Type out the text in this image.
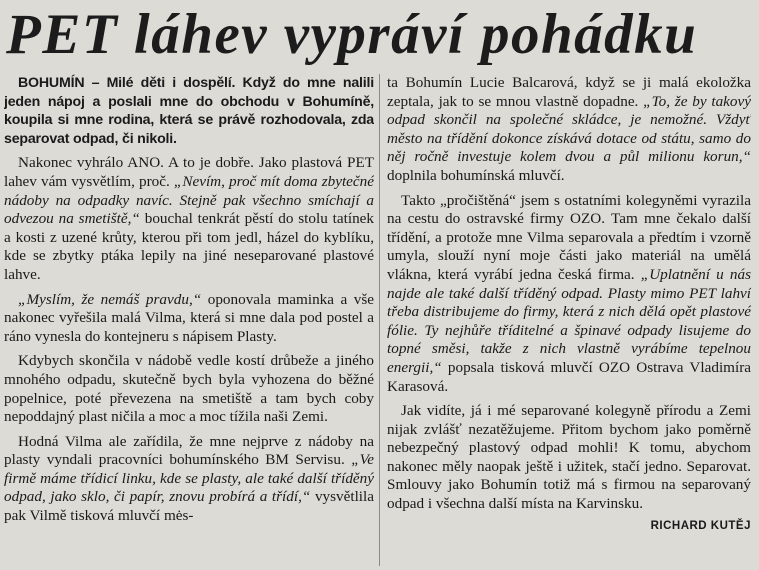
PET láhev vypráví pohádku

BOHUMÍN – Milé děti i dospělí. Když do mne nalili jeden nápoj a poslali mne do obchodu v Bohumíně, koupila si mne rodina, která se právě rozhodovala, zda separovat odpad, či nikoli.

Nakonec vyhrálo ANO. A to je dobře. Jako plastová PET lahev vám vysvětlím, proč. „Nevím, proč mít doma zbytečné nádoby na odpadky navíc. Stejně pak všechno smíchají a odvezou na smetiště,“ bouchal tenkrát pěstí do stolu tatínek a kosti z uzené krůty, kterou při tom jedl, házel do kyblíku, kde se zbytky ptáka lepily na jiné neseparované plastové lahve.

„Myslím, že nemáš pravdu,“ oponovala maminka a vše nakonec vyřešila malá Vilma, která si mne dala pod postel a ráno vynesla do kontejneru s nápisem Plasty.

Kdybych skončila v nádobě vedle kostí drůbeže a jiného mnohého odpadu, skutečně bych byla vyhozena do běžné popelnice, poté převezena na smetiště a tam bych coby nepoddajný plast ničila a moc a moc tížila naši Zemi.

Hodná Vilma ale zařídila, že mne nejprve z nádoby na plasty vyndali pracovníci bohumínského BM Servisu. „Ve firmě máme třídicí linku, kde se plasty, ale také další tříděný odpad, jako sklo, či papír, znovu probírá a třídí,“ vysvětlila pak Vilmě tisková mluvčí mės-

ta Bohumín Lucie Balcarová, když se ji malá ekoložka zeptala, jak to se mnou vlastně dopadne. „To, že by takový odpad skončil na společné skládce, je nemožné. Vždyť město na třídění dokonce získává dotace od státu, samo do něj ročně investuje kolem dvou a půl milionu korun,“ doplnila bohumínská mluvčí.

Takto „pročištěná“ jsem s ostatními kolegyněmi vyrazila na cestu do ostravské firmy OZO. Tam mne čekalo další třídění, a protože mne Vilma separovala a předtím i vzorně umyla, slouží nyní moje části jako materiál na umělá vlákna, která vyrábí jedna česká firma. „Uplatnění u nás najde ale také další tříděný odpad. Plasty mimo PET lahví třeba distribujeme do firmy, která z nich dělá opět plastové fólie. Ty nejhůře tříditelné a špinavé odpady lisujeme do topné směsi, takže z nich vlastně vyrábíme tepelnou energii,“ popsala tisková mluvčí OZO Ostrava Vladimíra Karasová.

Jak vidíte, já i mé separované kolegyně přírodu a Zemi nijak zvlášť nezatěžujeme. Přitom bychom jako poměrně nebezpečný plastový odpad mohli! K tomu, abychom nakonec měly naopak ještě i užitek, stačí jedno. Separovat. Smlouvy jako Bohumín totiž má s firmou na separovaný odpad i všechna další místa na Karvinsku.
RICHARD KUTĚJ
